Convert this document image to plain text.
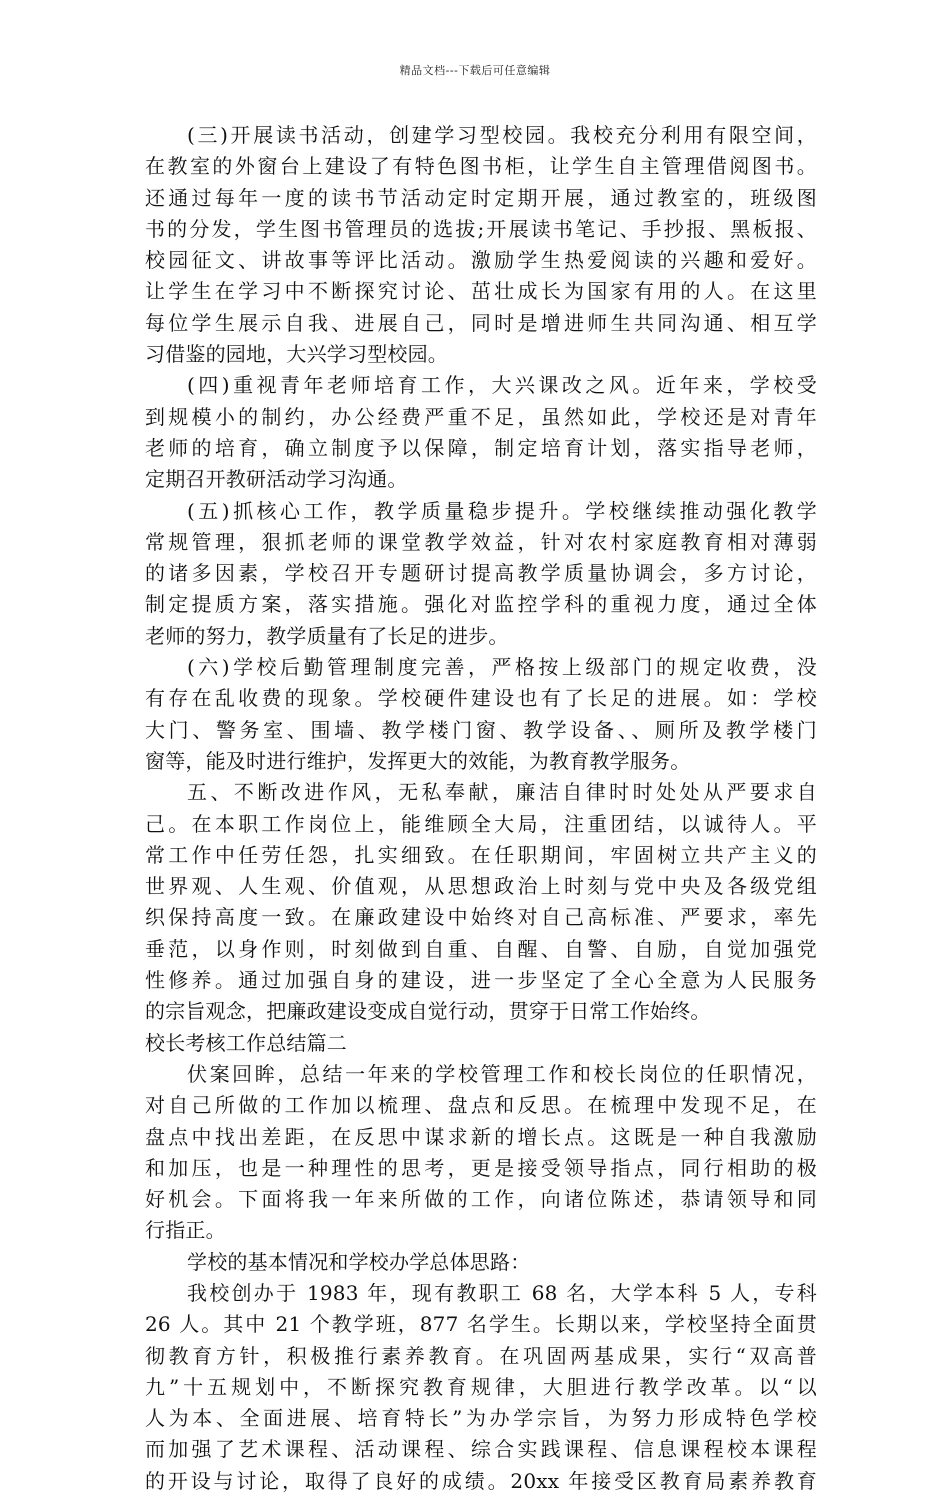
精品文档---下载后可任意编辑
(三)开展读书活动，创建学习型校园。我校充分利用有限空间，
在教室的外窗台上建设了有特色图书柜，让学生自主管理借阅图书。
还通过每年一度的读书节活动定时定期开展，通过教室的，班级图
书的分发，学生图书管理员的选拔;开展读书笔记、手抄报、黑板报、
校园征文、讲故事等评比活动。激励学生热爱阅读的兴趣和爱好。
让学生在学习中不断探究讨论、茁壮成长为国家有用的人。在这里
每位学生展示自我、进展自己，同时是增进师生共同沟通、相互学
习借鉴的园地，大兴学习型校园。
(四)重视青年老师培育工作，大兴课改之风。近年来，学校受
到规模小的制约，办公经费严重不足，虽然如此，学校还是对青年
老师的培育，确立制度予以保障，制定培育计划，落实指导老师，
定期召开教研活动学习沟通。
(五)抓核心工作，教学质量稳步提升。学校继续推动强化教学
常规管理，狠抓老师的课堂教学效益，针对农村家庭教育相对薄弱
的诸多因素，学校召开专题研讨提高教学质量协调会，多方讨论，
制定提质方案，落实措施。强化对监控学科的重视力度，通过全体
老师的努力，教学质量有了长足的进步。
(六)学校后勤管理制度完善，严格按上级部门的规定收费，没
有存在乱收费的现象。学校硬件建设也有了长足的进展。如：学校
大门、警务室、围墙、教学楼门窗、教学设备、、厕所及教学楼门
窗等，能及时进行维护，发挥更大的效能，为教育教学服务。
五、不断改进作风，无私奉献，廉洁自律时时处处从严要求自
己。在本职工作岗位上，能维顾全大局，注重团结，以诚待人。平
常工作中任劳任怨，扎实细致。在任职期间，牢固树立共产主义的
世界观、人生观、价值观，从思想政治上时刻与党中央及各级党组
织保持高度一致。在廉政建设中始终对自己高标准、严要求，率先
垂范，以身作则，时刻做到自重、自醒、自警、自励，自觉加强党
性修养。通过加强自身的建设，进一步坚定了全心全意为人民服务
的宗旨观念，把廉政建设变成自觉行动，贯穿于日常工作始终。
校长考核工作总结篇二
伏案回眸，总结一年来的学校管理工作和校长岗位的任职情况，
对自己所做的工作加以梳理、盘点和反思。在梳理中发现不足，在
盘点中找出差距，在反思中谋求新的增长点。这既是一种自我激励
和加压，也是一种理性的思考，更是接受领导指点，同行相助的极
好机会。下面将我一年来所做的工作，向诸位陈述，恭请领导和同
行指正。
学校的基本情况和学校办学总体思路：
我校创办于 1983 年，现有教职工 68 名，大学本科 5 人，专科
26 人。其中 21 个教学班，877 名学生。长期以来，学校坚持全面贯
彻教育方针，积极推行素养教育。在巩固两基成果，实行“双高普
九”十五规划中，不断探究教育规律，大胆进行教学改革。以“以
人为本、全面进展、培育特长”为办学宗旨，为努力形成特色学校
而加强了艺术课程、活动课程、综合实践课程、信息课程校本课程
的开设与讨论，取得了良好的成绩。20xx 年接受区教育局素养教育
